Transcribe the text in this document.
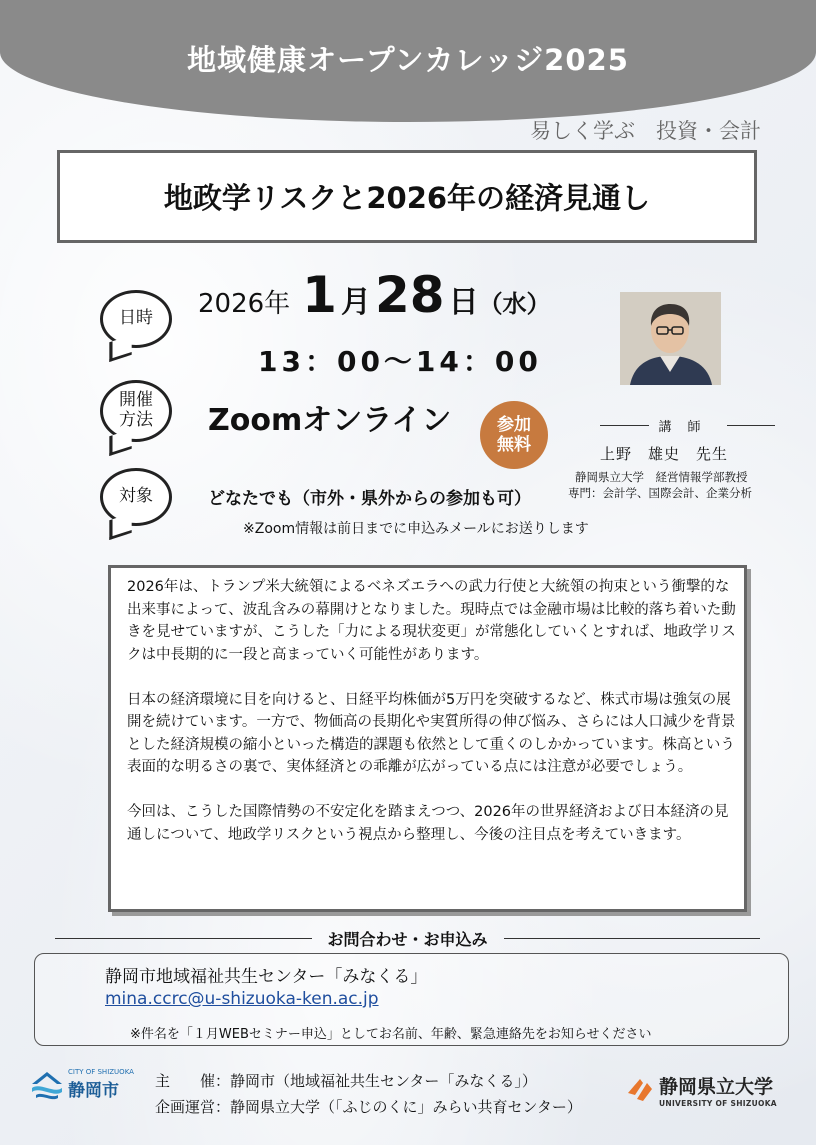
地域健康オープンカレッジ2025
易しく学ぶ　投資・会計
地政学リスクと2026年の経済見通し
日時
開催
方法
対象
2026年 1 月 28 日 （水）
13：00～14：00
Zoomオンライン	参加
無料
どなたでも（市外・県外からの参加も可）
※Zoom情報は前日までに申込みメールにお送りします
講師
上野　雄史　先生
静岡県立大学　経営情報学部教授
専門：会計学、国際会計、企業分析

2026年は、トランプ米大統領によるベネズエラへの武力行使と大統領の拘束という衝撃的な出来事によって、波乱含みの幕開けとなりました。現時点では金融市場は比較的落ち着いた動きを見せていますが、こうした「力による現状変更」が常態化していくとすれば、地政学リスクは中長期的に一段と高まっていく可能性があります。

日本の経済環境に目を向けると、日経平均株価が5万円を突破するなど、株式市場は強気の展開を続けています。一方で、物価高の長期化や実質所得の伸び悩み、さらには人口減少を背景とした経済規模の縮小といった構造的課題も依然として重くのしかかっています。株高という表面的な明るさの裏で、実体経済との乖離が広がっている点には注意が必要でしょう。

今回は、こうした国際情勢の不安定化を踏まえつつ、2026年の世界経済および日本経済の見通しについて、地政学リスクという視点から整理し、今後の注目点を考えていきます。

お問合わせ・お申込み
静岡市地域福祉共生センター「みなくる」
mina.ccrc@u-shizuoka-ken.ac.jp
※件名を「１月WEBセミナー申込」としてお名前、年齢、緊急連絡先をお知らせください
CITY OF SHIZUOKA
静岡市	主　　催：静岡市（地域福祉共生センター「みなくる」）
企画運営：静岡県立大学（「ふじのくに」みらい共育センター）
静岡県立大学
UNIVERSITY OF SHIZUOKA
